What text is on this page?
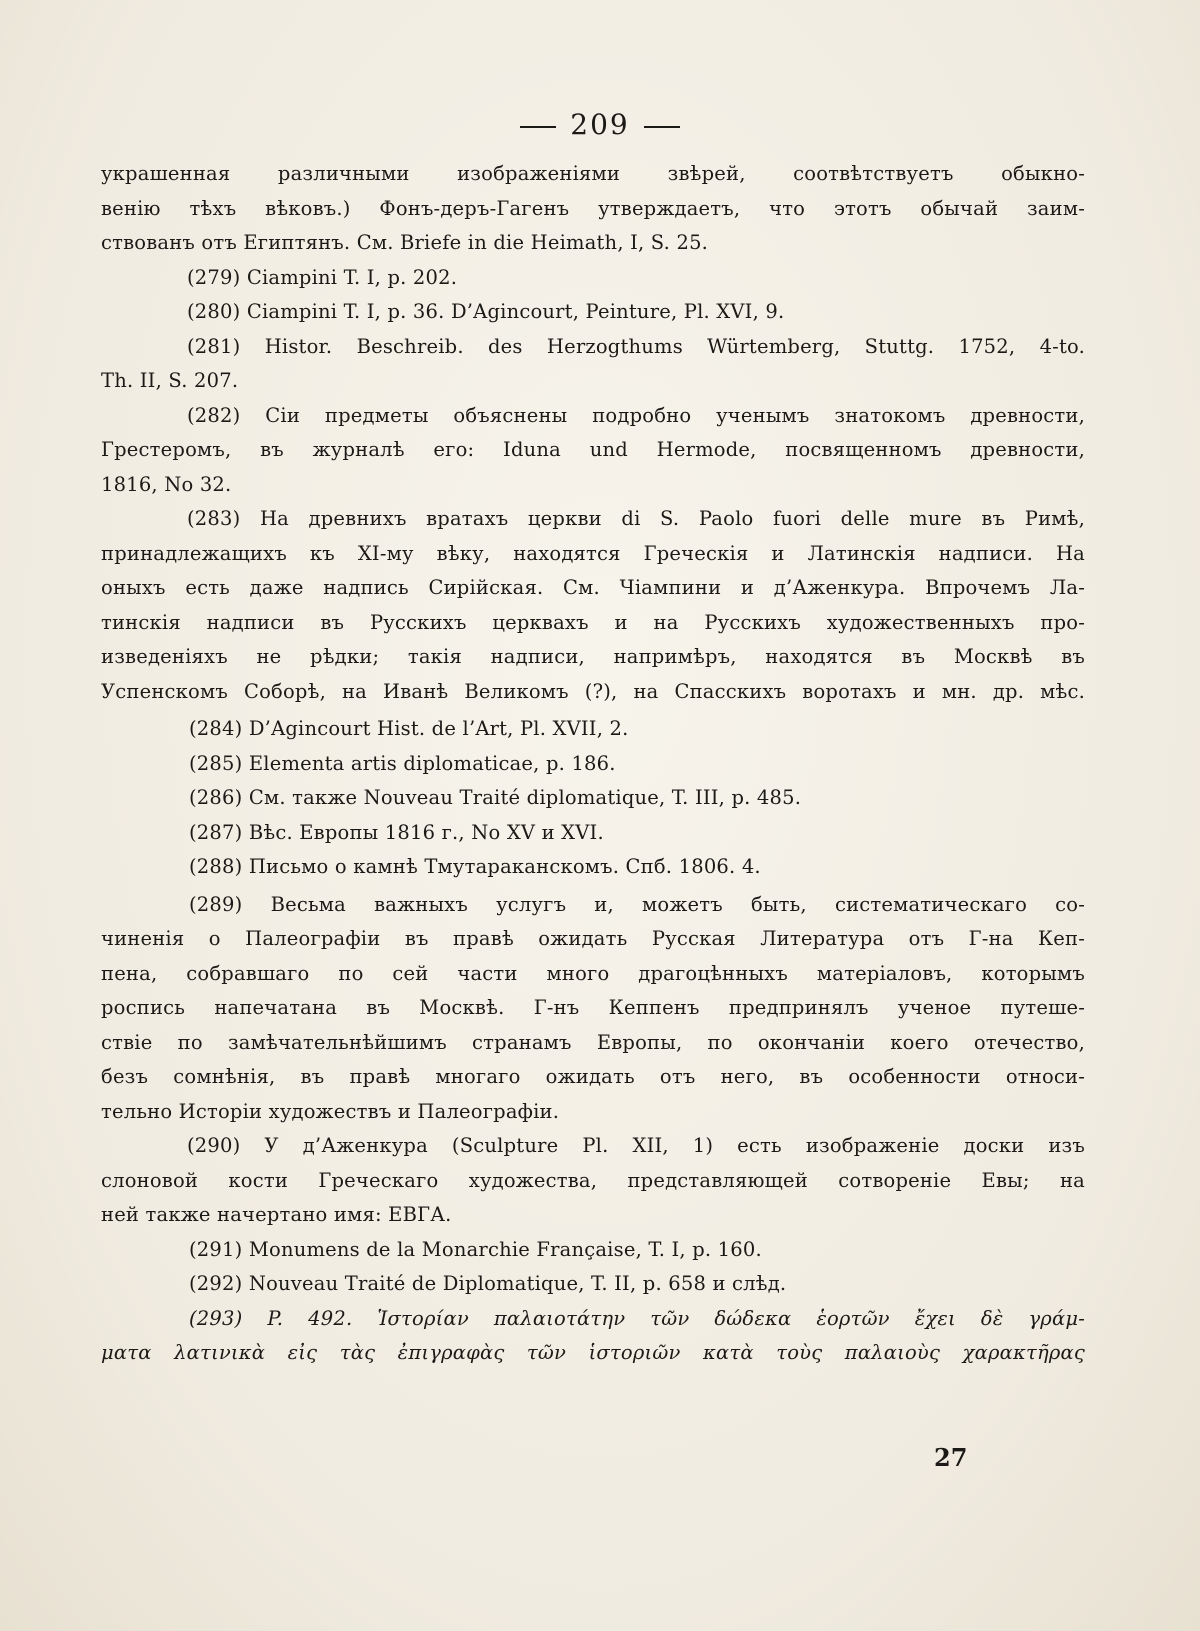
209
украшенная различными изображеніями звѣрей, соотвѣтствуетъ обыкно-
венію тѣхъ вѣковъ.) Фонъ-деръ-Гагенъ утверждаетъ, что этотъ обычай заим-
ствованъ отъ Египтянъ. См. Briefe in die Heimath, I, S. 25.
(279) Ciampini T. I, p. 202.
(280) Ciampini T. I, p. 36. D’Agincourt, Peinture, Pl. XVI, 9.
(281) Histor. Beschreib. des Herzogthums Würtemberg, Stuttg. 1752, 4-to.
Th. II, S. 207.
(282) Сіи предметы объяснены подробно ученымъ знатокомъ древности,
Грестеромъ, въ журналѣ его: Iduna und Hermode, посвященномъ древности,
1816, No 32.
(283) На древнихъ вратахъ церкви di S. Paolo fuori delle mure въ Римѣ,
принадлежащихъ къ XI-му вѣку, находятся Греческія и Латинскія надписи. На
оныхъ есть даже надпись Сирійская. См. Чіампини и д’Аженкура. Впрочемъ Ла-
тинскія надписи въ Русскихъ церквахъ и на Русскихъ художественныхъ про-
изведеніяхъ не рѣдки; такія надписи, напримѣръ, находятся въ Москвѣ въ
Успенскомъ Соборѣ, на Иванѣ Великомъ (?), на Спасскихъ воротахъ и мн. др. мѣс.
(284) D’Agincourt Hist. de l’Art, Pl. XVII, 2.
(285) Elementa artis diplomaticae, p. 186.
(286) См. также Nouveau Traité diplomatique, T. III, p. 485.
(287) Вѣс. Европы 1816 г., No XV и XVI.
(288) Письмо о камнѣ Тмутараканскомъ. Спб. 1806. 4.
(289) Весьма важныхъ услугъ и, можетъ быть, систематическаго со-
чиненія о Палеографіи въ правѣ ожидать Русская Литература отъ Г-на Кеп-
пена, собравшаго по сей части много драгоцѣнныхъ матеріаловъ, которымъ
роспись напечатана въ Москвѣ. Г-нъ Кеппенъ предпринялъ ученое путеше-
ствіе по замѣчательнѣйшимъ странамъ Европы, по окончаніи коего отечество,
безъ сомнѣнія, въ правѣ многаго ожидать отъ него, въ особенности относи-
тельно Исторіи художествъ и Палеографіи.
(290) У д’Аженкура (Sculpture Pl. XII, 1) есть изображеніе доски изъ
слоновой кости Греческаго художества, представляющей сотвореніе Евы; на
ней также начертано имя: ЕВГА.
(291) Monumens de la Monarchie Française, T. I, p. 160.
(292) Nouveau Traité de Diplomatique, T. II, p. 658 и слѣд.
(293) P. 492. Ἱστορίαν παλαιοτάτην τῶν δώδεκα ἑορτῶν ἔχει δὲ γράμ-
ματα λατινικὰ εἰς τὰς ἐπιγραφὰς τῶν ἱστοριῶν κατὰ τοὺς παλαιοὺς χαρακτῆρας
27
